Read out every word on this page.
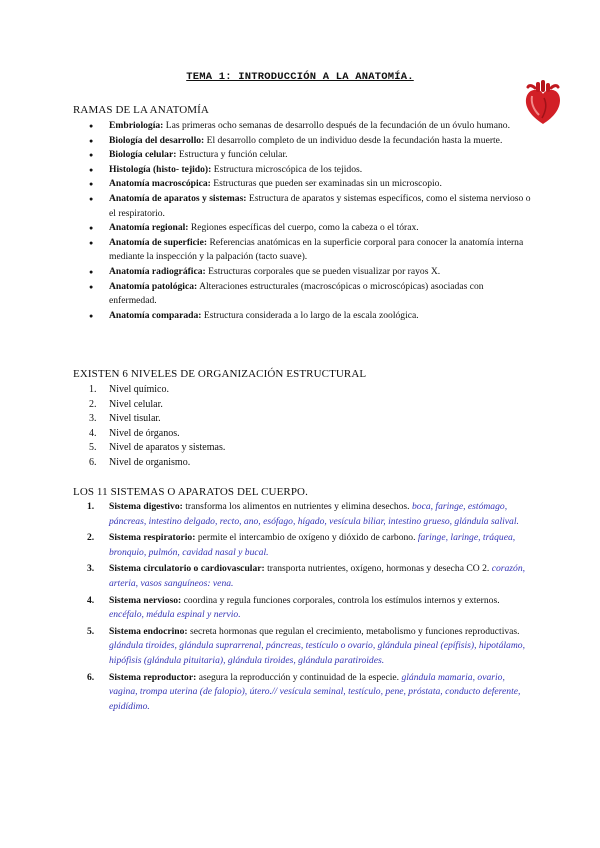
TEMA 1: INTRODUCCIÓN A LA ANATOMÍA.
RAMAS DE LA ANATOMÍA
● Embriología: Las primeras ocho semanas de desarrollo después de la fecundación de un óvulo humano.
● Biología del desarrollo: El desarrollo completo de un individuo desde la fecundación hasta la muerte.
● Biología celular: Estructura y función celular.
● Histología (histo- tejido): Estructura microscópica de los tejidos.
● Anatomía macroscópica: Estructuras que pueden ser examinadas sin un microscopio.
● Anatomía de aparatos y sistemas: Estructura de aparatos y sistemas específicos, como el sistema nervioso o el respiratorio.
● Anatomía regional: Regiones específicas del cuerpo, como la cabeza o el tórax.
● Anatomía de superficie: Referencias anatómicas en la superficie corporal para conocer la anatomía interna mediante la inspección y la palpación (tacto suave).
● Anatomía radiográfica: Estructuras corporales que se pueden visualizar por rayos X.
● Anatomía patológica: Alteraciones estructurales (macroscópicas o microscópicas) asociadas con enfermedad.
● Anatomía comparada: Estructura considerada a lo largo de la escala zoológica.
EXISTEN 6 NIVELES DE ORGANIZACIÓN ESTRUCTURAL
1. Nivel químico.
2. Nivel celular.
3. Nivel tisular.
4. Nivel de órganos.
5. Nivel de aparatos y sistemas.
6. Nivel de organismo.
LOS 11 SISTEMAS O APARATOS DEL CUERPO.
1. Sistema digestivo: transforma los alimentos en nutrientes y elimina desechos. boca, faringe, estómago, páncreas, intestino delgado, recto, ano, esófago, hígado, vesícula biliar, intestino grueso, glándula salival.
2. Sistema respiratorio: permite el intercambio de oxígeno y dióxido de carbono. faringe, laringe, tráquea, bronquio, pulmón, cavidad nasal y bucal.
3. Sistema circulatorio o cardiovascular: transporta nutrientes, oxígeno, hormonas y desecha CO 2. corazón, arteria, vasos sanguíneos: vena.
4. Sistema nervioso: coordina y regula funciones corporales, controla los estímulos internos y externos. encéfalo, médula espinal y nervio.
5. Sistema endocrino: secreta hormonas que regulan el crecimiento, metabolismo y funciones reproductivas. glándula tiroides, glándula suprarrenal, páncreas, testículo o ovario, glándula pineal (epífisis), hipotálamo, hipófisis (glándula pituitaria), glándula tiroides, glándula paratiroides.
6. Sistema reproductor: asegura la reproducción y continuidad de la especie. glándula mamaria, ovario, vagina, trompa uterina (de falopio), útero.// vesícula seminal, testículo, pene, próstata, conducto deferente, epidídimo.
